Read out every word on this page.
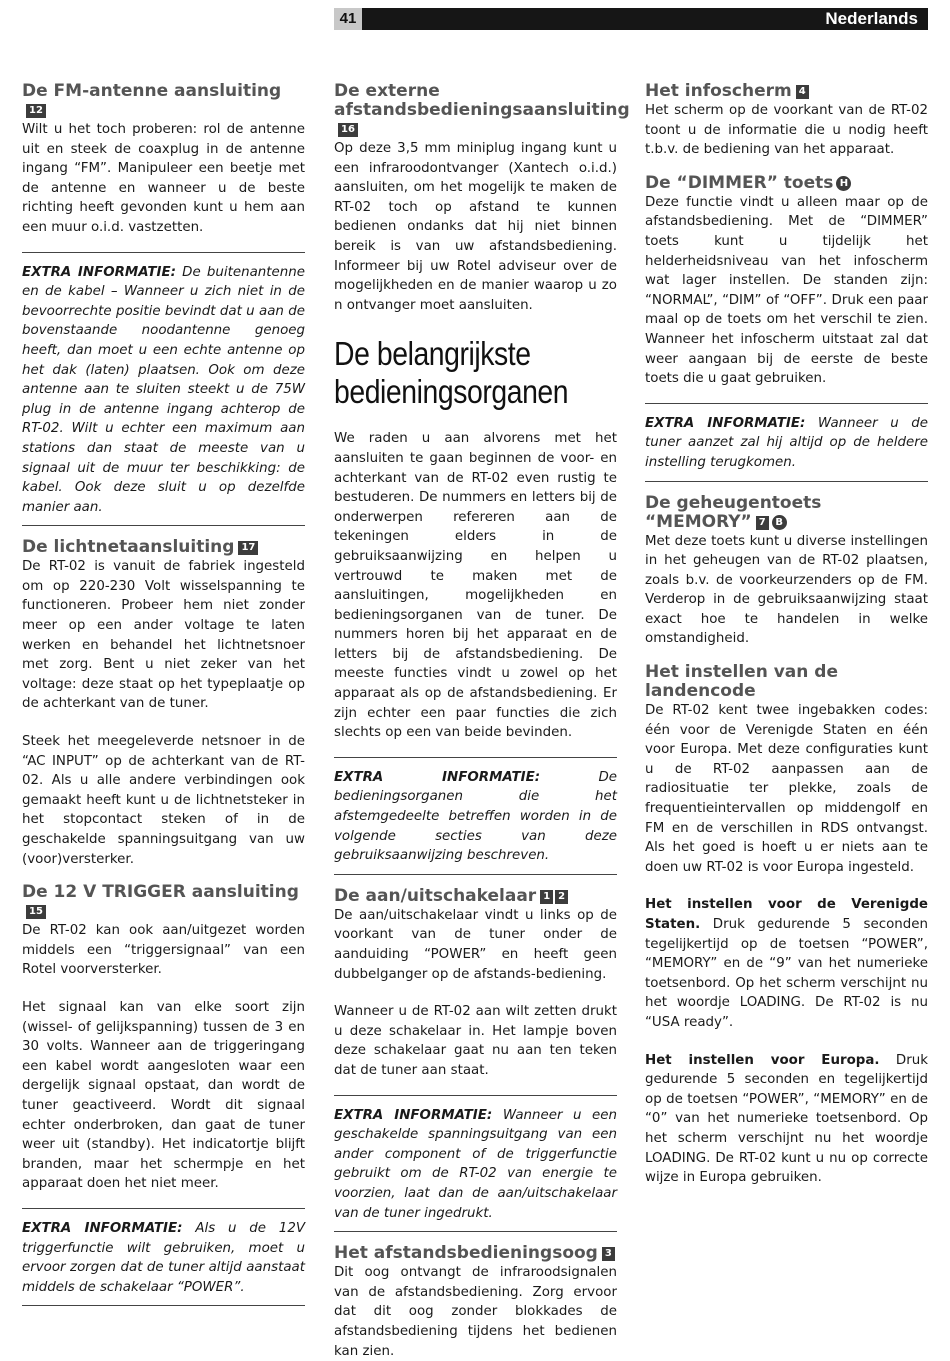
41	Nederlands
De FM-antenne aansluiting12

Wilt u het toch proberen: rol de antenne uit en steek de coaxplug in de antenne ingang “FM”. Manipuleer een beetje met de antenne en wanneer u de beste richting heeft gevonden kunt u hem aan een muur o.i.d. vastzetten.

EXTRA INFORMATIE: De buitenantenne en de kabel – Wanneer u zich niet in de bevoorrechte positie bevindt dat u aan de bovenstaande noodantenne genoeg heeft, dan moet u een echte antenne op het dak (laten) plaatsen. Ook om deze antenne aan te sluiten steekt u de 75W plug in de antenne ingang achterop de RT-02. Wilt u echter een maximum aan stations dan staat de meeste van u signaal uit de muur ter beschikking: de kabel. Ook deze sluit u op dezelfde manier aan.

De lichtnetaansluiting 17

De RT-02 is vanuit de fabriek ingesteld om op 220-230 Volt wisselspanning te functioneren. Probeer hem niet zonder meer op een ander voltage te laten werken en behandel het lichtnetsnoer met zorg. Bent u niet zeker van het voltage: deze staat op het typeplaatje op de achterkant van de tuner.

Steek het meegeleverde netsnoer in de “AC INPUT” op de achterkant van de RT-02. Als u alle andere verbindingen ook gemaakt heeft kunt u de lichtnetsteker in het stopcontact steken of in de geschakelde spanningsuitgang van uw (voor)versterker.

De 12 V TRIGGER aansluiting15

De RT-02 kan ook aan/uitgezet worden middels een “triggersignaal” van een Rotel voorversterker.

Het signaal kan van elke soort zijn (wissel- of gelijkspanning) tussen de 3 en 30 volts. Wanneer aan de triggeringang een kabel wordt aangesloten waar een dergelijk signaal opstaat, dan wordt de tuner geactiveerd. Wordt dit signaal echter onderbroken, dan gaat de tuner weer uit (standby). Het indicatortje blijft branden, maar het schermpje en het apparaat doen het niet meer.

EXTRA INFORMATIE: Als u de 12V triggerfunctie wilt gebruiken, moet u ervoor zorgen dat de tuner altijd aanstaat middels de schakelaar “POWER”.

De externe afstandsbedieningsaansluiting16

Op deze 3,5 mm miniplug ingang kunt u een infraroodontvanger (Xantech o.i.d.) aansluiten, om het mogelijk te maken de RT-02 toch op afstand te kunnen bedienen ondanks dat hij niet binnen bereik is van uw afstandsbediening. Informeer bij uw Rotel adviseur over de mogelijkheden en de manier waarop u zo n ontvanger moet aansluiten.

De belangrijkste bedieningsorganen

We raden u aan alvorens met het aansluiten te gaan beginnen de voor- en achterkant van de RT-02 even rustig te bestuderen. De nummers en letters bij de onderwerpen refereren aan de tekeningen elders in de gebruiksaanwijzing en helpen u vertrouwd te maken met de aansluitingen, mogelijkheden en bedieningsorganen van de tuner. De nummers horen bij het apparaat en de letters bij de afstandsbediening. De meeste functies vindt u zowel op het apparaat als op de afstandsbediening. Er zijn echter een paar functies die zich slechts op een van beide bevinden.

EXTRA INFORMATIE: De bedieningsorganen die het afstemgedeelte betreffen worden in de volgende secties van deze gebruiksaanwijzing beschreven.

De aan/uitschakelaar 1 2

De aan/uitschakelaar vindt u links op de voorkant van de tuner onder de aanduiding “POWER” en heeft geen dubbelganger op de afstands-bediening.

Wanneer u de RT-02 aan wilt zetten drukt u deze schakelaar in. Het lampje boven deze schakelaar gaat nu aan ten teken dat de tuner aan staat.

EXTRA INFORMATIE: Wanneer u een geschakelde spanningsuitgang van een ander component of de triggerfunctie gebruikt om de RT-02 van energie te voorzien, laat dan de aan/uitschakelaar van de tuner ingedrukt.

Het afstandsbedieningsoog 3

Dit oog ontvangt de infraroodsignalen van de afstandsbediening. Zorg ervoor dat dit oog zonder blokkades de afstandsbediening tijdens het bedienen kan zien.

Het infoscherm 4

Het scherm op de voorkant van de RT-02 toont u de informatie die u nodig heeft t.b.v. de bediening van het apparaat.

De “DIMMER” toets H

Deze functie vindt u alleen maar op de afstandsbediening. Met de “DIMMER” toets kunt u tijdelijk het helderheidsniveau van het infoscherm wat lager instellen. De standen zijn: “NORMAL”, “DIM” of “OFF”. Druk een paar maal op de toets om het verschil te zien. Wanneer het infoscherm uitstaat zal dat weer aangaan bij de eerste de beste toets die u gaat gebruiken.

EXTRA INFORMATIE: Wanneer u de tuner aanzet zal hij altijd op de heldere instelling terugkomen.

De geheugentoets “MEMORY” 7 B

Met deze toets kunt u diverse instellingen in het geheugen van de RT-02 plaatsen, zoals b.v. de voorkeurzenders op de FM. Verderop in de gebruiksaanwijzing staat exact hoe te handelen in welke omstandigheid.

Het instellen van de landencode

De RT-02 kent twee ingebakken codes: één voor de Verenigde Staten en één voor Europa. Met deze configuraties kunt u de RT-02 aanpassen aan de radiosituatie ter plekke, zoals de frequentieintervallen op middengolf en FM en de verschillen in RDS ontvangst. Als het goed is hoeft u er niets aan te doen uw RT-02 is voor Europa ingesteld.

Het instellen voor de Verenigde Staten. Druk gedurende 5 seconden tegelijkertijd op de toetsen “POWER”, “MEMORY” en de “9” van het numerieke toetsenbord. Op het scherm verschijnt nu het woordje LOADING. De RT-02 is nu “USA ready”.

Het instellen voor Europa. Druk gedurende 5 seconden en tegelijkertijd op de toetsen “POWER”, “MEMORY” en de “0” van het numerieke toetsenbord. Op het scherm verschijnt nu het woordje LOADING. De RT-02 kunt u nu op correcte wijze in Europa gebruiken.
